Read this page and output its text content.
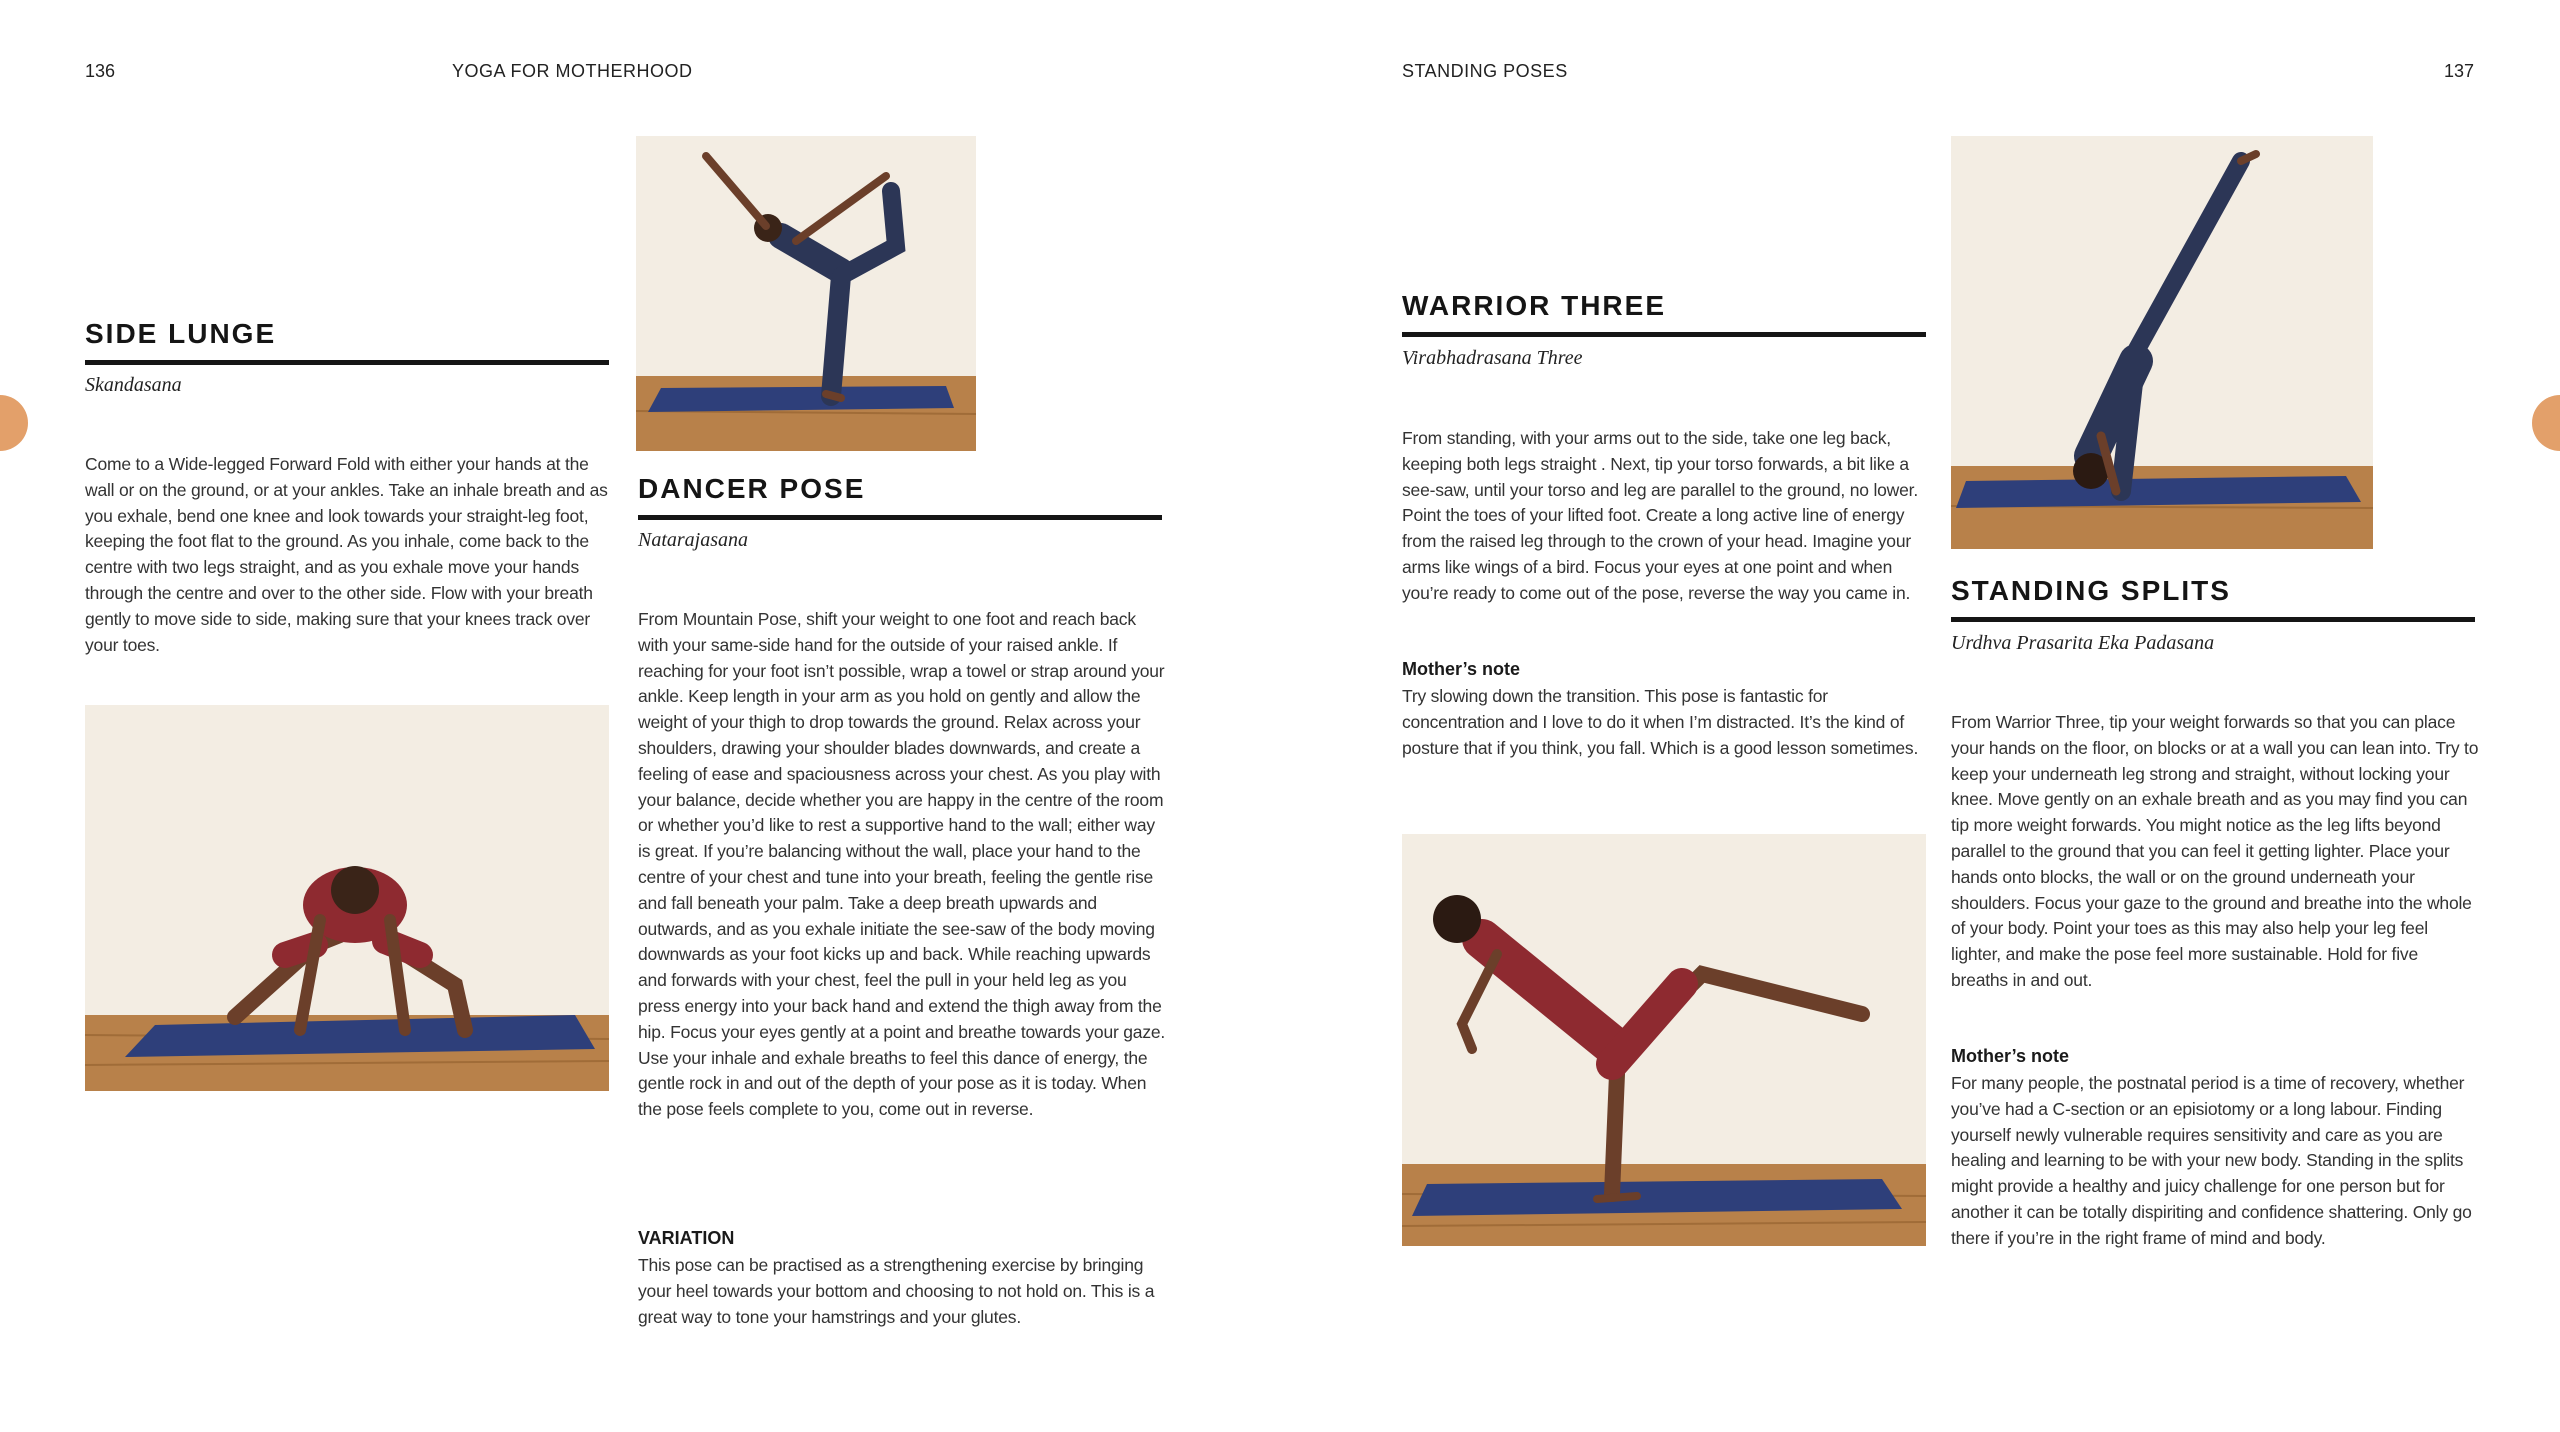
136	YOGA FOR MOTHERHOOD
SIDE LUNGE
Skandasana

Come to a Wide-legged Forward Fold with either your hands at the wall or on the ground, or at your ankles. Take an inhale breath and as you exhale, bend one knee and look towards your straight-leg foot, keeping the foot flat to the ground. As you inhale, come back to the centre with two legs straight, and as you exhale move your hands through the centre and over to the other side. Flow with your breath gently to move side to side, making sure that your knees track over your toes.

DANCER POSE
Natarajasana

From Mountain Pose, shift your weight to one foot and reach back with your same-side hand for the outside of your raised ankle. If reaching for your foot isn’t possible, wrap a towel or strap around your ankle. Keep length in your arm as you hold on gently and allow the weight of your thigh to drop towards the ground. Relax across your shoulders, drawing your shoulder blades downwards, and create a feeling of ease and spaciousness across your chest. As you play with your balance, decide whether you are happy in the centre of the room or whether you’d like to rest a supportive hand to the wall; either way is great. If you’re balancing without the wall, place your hand to the centre of your chest and tune into your breath, feeling the gentle rise and fall beneath your palm. Take a deep breath upwards and outwards, and as you exhale initiate the see-saw of the body moving downwards as your foot kicks up and back. While reaching upwards and forwards with your chest, feel the pull in your held leg as you press energy into your back hand and extend the thigh away from the hip. Focus your eyes gently at a point and breathe towards your gaze. Use your inhale and exhale breaths to feel this dance of energy, the gentle rock in and out of the depth of your pose as it is today. When the pose feels complete to you, come out in reverse.

VARIATION

This pose can be practised as a strengthening exercise by bringing your heel towards your bottom and choosing to not hold on. This is a great way to tone your hamstrings and your glutes.

STANDING POSES	137
WARRIOR THREE
Virabhadrasana Three

From standing, with your arms out to the side, take one leg back, keeping both legs straight . Next, tip your torso forwards, a bit like a see-saw, until your torso and leg are parallel to the ground, no lower. Point the toes of your lifted foot. Create a long active line of energy from the raised leg through to the crown of your head. Imagine your arms like wings of a bird. Focus your eyes at one point and when you’re ready to come out of the pose, reverse the way you came in.

Mother’s note

Try slowing down the transition. This pose is fantastic for concentration and I love to do it when I’m distracted. It’s the kind of posture that if you think, you fall. Which is a good lesson sometimes.

STANDING SPLITS
Urdhva Prasarita Eka Padasana

From Warrior Three, tip your weight forwards so that you can place your hands on the floor, on blocks or at a wall you can lean into. Try to keep your underneath leg strong and straight, without locking your knee. Move gently on an exhale breath and as you may find you can tip more weight forwards. You might notice as the leg lifts beyond parallel to the ground that you can feel it getting lighter. Place your hands onto blocks, the wall or on the ground underneath your shoulders. Focus your gaze to the ground and breathe into the whole of your body. Point your toes as this may also help your leg feel lighter, and make the pose feel more sustainable. Hold for five breaths in and out.

Mother’s note

For many people, the postnatal period is a time of recovery, whether you’ve had a C-section or an episiotomy or a long labour. Finding yourself newly vulnerable requires sensitivity and care as you are healing and learning to be with your new body. Standing in the splits might provide a healthy and juicy challenge for one person but for another it can be totally dispiriting and confidence shattering. Only go there if you’re in the right frame of mind and body.
